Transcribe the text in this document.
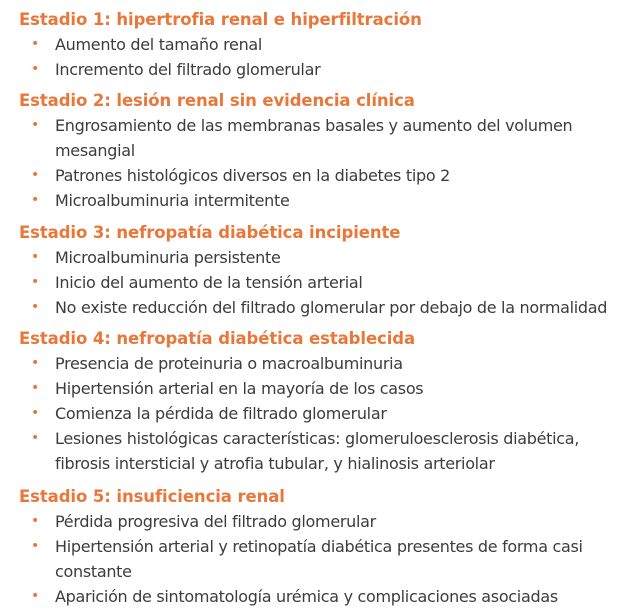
Estadio 1: hipertrofia renal e hiperfiltración
• Aumento del tamaño renal
• Incremento del filtrado glomerular
Estadio 2: lesión renal sin evidencia clínica
• Engrosamiento de las membranas basales y aumento del volumen
mesangial
• Patrones histológicos diversos en la diabetes tipo 2
• Microalbuminuria intermitente
Estadio 3: nefropatía diabética incipiente
• Microalbuminuria persistente
• Inicio del aumento de la tensión arterial
• No existe reducción del filtrado glomerular por debajo de la normalidad
Estadio 4: nefropatía diabética establecida
• Presencia de proteinuria o macroalbuminuria
• Hipertensión arterial en la mayoría de los casos
• Comienza la pérdida de filtrado glomerular
• Lesiones histológicas características: glomeruloesclerosis diabética,
fibrosis intersticial y atrofia tubular, y hialinosis arteriolar
Estadio 5: insuficiencia renal
• Pérdida progresiva del filtrado glomerular
• Hipertensión arterial y retinopatía diabética presentes de forma casi
constante
• Aparición de sintomatología urémica y complicaciones asociadas
